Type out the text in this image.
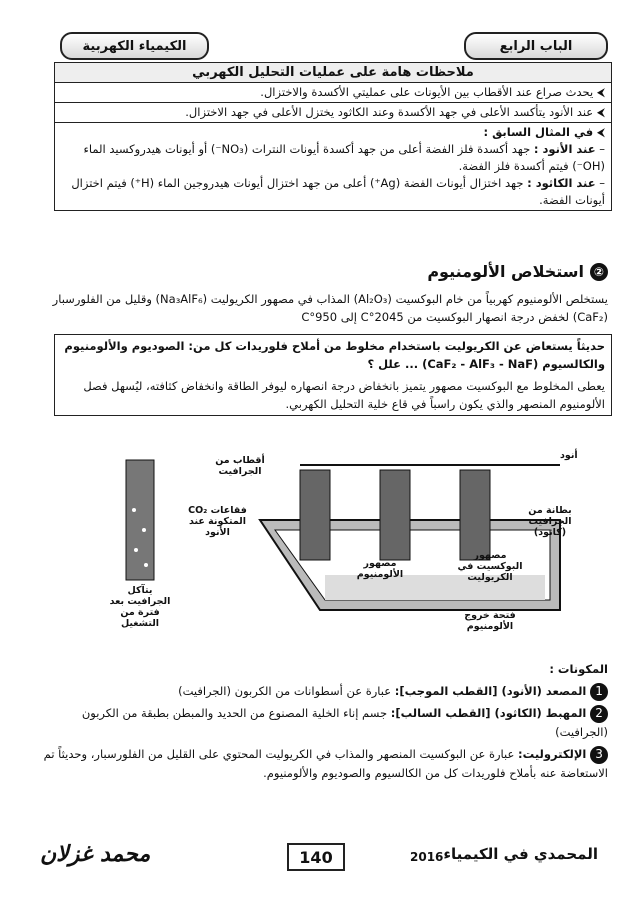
الباب الرابع
الكيمياء الكهربية
ملاحظات هامة على عمليات التحليل الكهربي
⮜ يحدث صراع عند الأقطاب بين الأيونات على عمليتي الأكسدة والاختزال.
⮜ عند الأنود يتأكسد الأعلى في جهد الأكسدة وعند الكاثود يختزل الأعلى في جهد الاختزال.
⮜ في المثال السابق :
– عند الأنود : جهد أكسدة فلز الفضة أعلى من جهد أكسدة أيونات النترات (NO₃⁻) أو أيونات هيدروكسيد الماء (OH⁻) فيتم أكسدة فلز الفضة.
– عند الكاثود : جهد اختزال أيونات الفضة (Ag⁺) أعلى من جهد اختزال أيونات هيدروجين الماء (H⁺) فيتم اختزال أيونات الفضة.
②
استخلاص الألومنيوم
يستخلص الألومنيوم كهربياً من خام البوكسيت (Al₂O₃) المذاب في مصهور الكريوليت (Na₃AlF₆) وقليل من الفلورسبار (CaF₂) لخفض درجة انصهار البوكسيت من 2045°C إلى 950°C
حديثاً يستعاض عن الكريوليت باستخدام مخلوط من أملاح فلوريدات كل من: الصوديوم والألومنيوم والكالسيوم (CaF₂ - AlF₃ - NaF) ... علل ؟
يعطى المخلوط مع البوكسيت مصهور يتميز بانخفاض درجة انصهاره ليوفر الطاقة وانخفاض كثافته، ليُسهل فصل الألومنيوم المنصهر والذي يكون راسباً في قاع خلية التحليل الكهربي.
أنود
أقطاب من الجرافيت
فقاعات CO₂ المتكونة عند الأنود
بطانة من الجرافيت (كاثود)
مصهور البوكسيت في الكريوليت
مصهور الألومنيوم
فتحة خروج الألومنيوم
يتآكل الجرافيت بعد فترة من التشغيل
المكونات :
1 المصعد (الأنود) [القطب الموجب]: عبارة عن أسطوانات من الكربون (الجرافيت)
2 المهبط (الكاثود) [القطب السالب]: جسم إناء الخلية المصنوع من الحديد والمبطن بطبقة من الكربون (الجرافيت)
3 الإلكتروليت: عبارة عن البوكسيت المنصهر والمذاب في الكريوليت المحتوي على القليل من الفلورسبار، وحديثاً تم الاستعاضة عنه بأملاح فلوريدات كل من الكالسيوم والصوديوم والألومنيوم.
140	2016 المحمدي في الكيمياء
محمد غزلان
